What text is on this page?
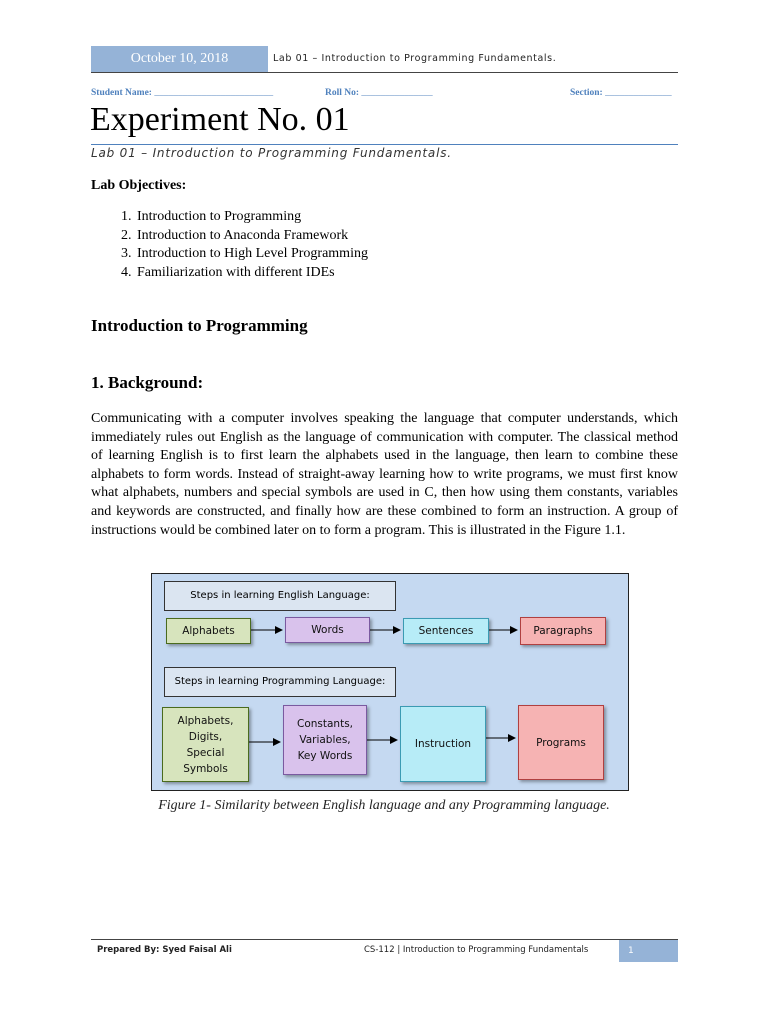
October 10, 2018	Lab 01 – Introduction to Programming Fundamentals.
Student Name: _________________________	Roll No: _______________	Section: ______________
Experiment No. 01
Lab 01 – Introduction to Programming Fundamentals.
Lab Objectives:
1. Introduction to Programming
2. Introduction to Anaconda Framework
3. Introduction to High Level Programming
4. Familiarization with different IDEs
Introduction to Programming
1. Background:
Communicating with a computer involves speaking the language that computer understands, which immediately rules out English as the language of communication with computer. The classical method of learning English is to first learn the alphabets used in the language, then learn to combine these alphabets to form words. Instead of straight-away learning how to write programs, we must first know what alphabets, numbers and special symbols are used in C, then how using them constants, variables and keywords are constructed, and finally how are these combined to form an instruction. A group of instructions would be combined later on to form a program. This is illustrated in the Figure 1.1.
Steps in learning English Language:
Alphabets	Words	Sentences	Paragraphs
Steps in learning Programming Language:
Alphabets,
Digits,
Special
Symbols
Constants,
Variables,
Key Words
Instruction	Programs
Figure 1- Similarity between English language and any Programming language.
Prepared By: Syed Faisal Ali	CS-112 | Introduction to Programming Fundamentals	1
